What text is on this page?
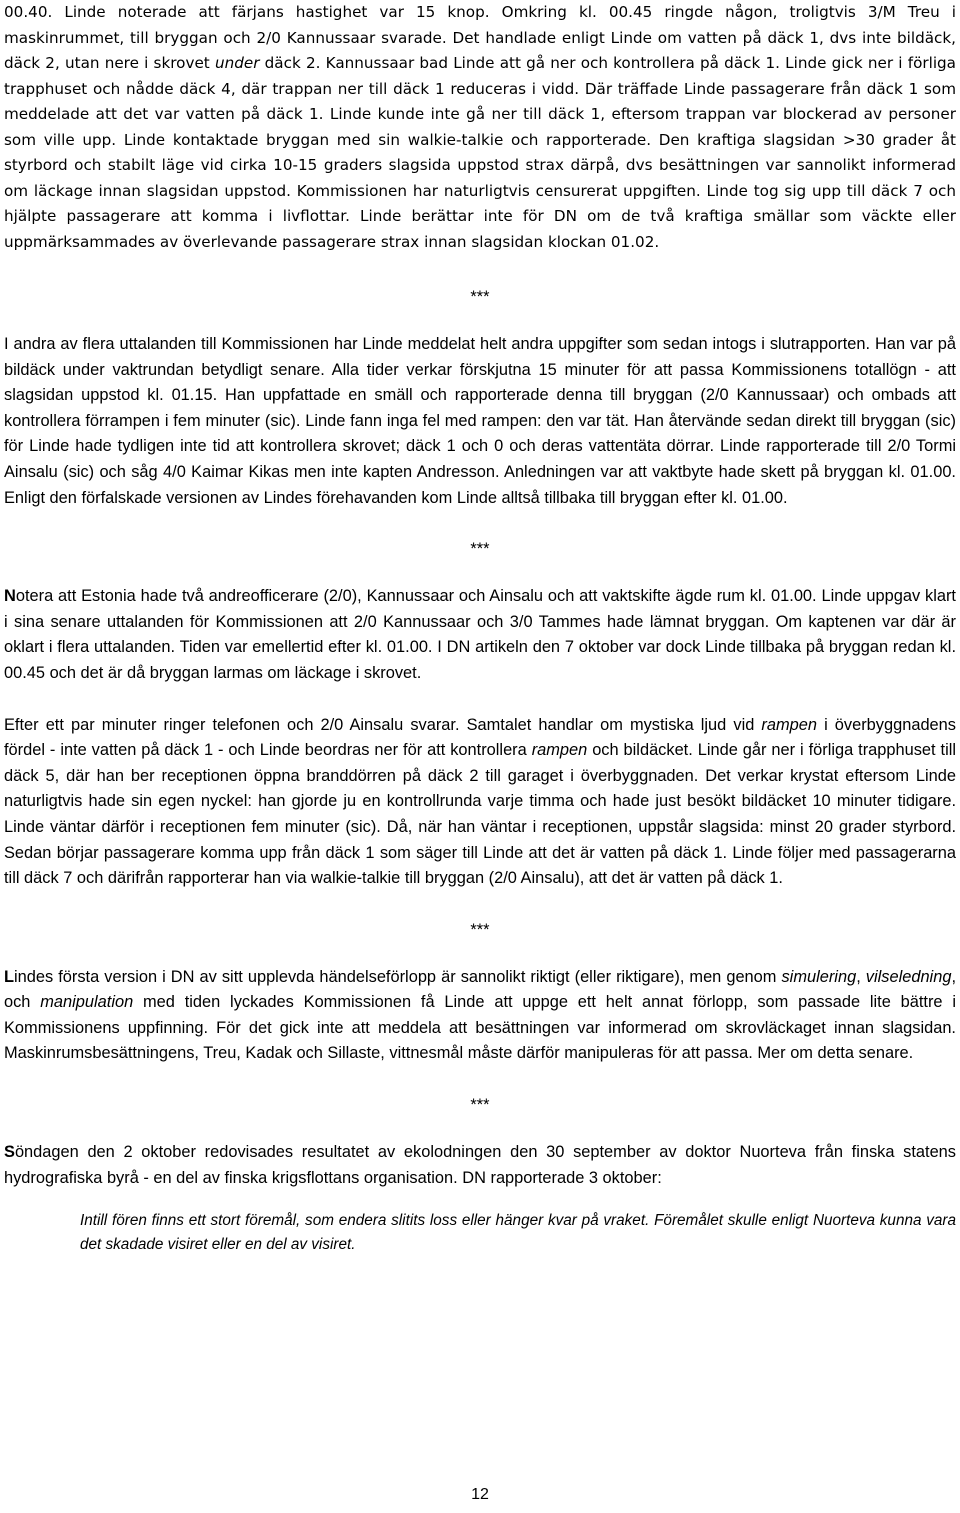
00.40. Linde noterade att färjans hastighet var 15 knop. Omkring kl. 00.45 ringde någon, troligtvis 3/M Treu i maskinrummet, till bryggan och 2/0 Kannussaar svarade. Det handlade enligt Linde om vatten på däck 1, dvs inte bildäck, däck 2, utan nere i skrovet under däck 2. Kannussaar bad Linde att gå ner och kontrollera på däck 1. Linde gick ner i förliga trapphuset och nådde däck 4, där trappan ner till däck 1 reduceras i vidd. Där träffade Linde passagerare från däck 1 som meddelade att det var vatten på däck 1. Linde kunde inte gå ner till däck 1, eftersom trappan var blockerad av personer som ville upp. Linde kontaktade bryggan med sin walkie-talkie och rapporterade. Den kraftiga slagsidan >30 grader åt styrbord och stabilt läge vid cirka 10-15 graders slagsida uppstod strax därpå, dvs besättningen var sannolikt informerad om läckage innan slagsidan uppstod. Kommissionen har naturligtvis censurerat uppgiften. Linde tog sig upp till däck 7 och hjälpte passagerare att komma i livflottar. Linde berättar inte för DN om de två kraftiga smällar som väckte eller uppmärksammades av överlevande passagerare strax innan slagsidan klockan 01.02.

***

I andra av flera uttalanden till Kommissionen har Linde meddelat helt andra uppgifter som sedan intogs i slutrapporten. Han var på bildäck under vaktrundan betydligt senare. Alla tider verkar förskjutna 15 minuter för att passa Kommissionens totallögn - att slagsidan uppstod kl. 01.15. Han uppfattade en smäll och rapporterade denna till bryggan (2/0 Kannussaar) och ombads att kontrollera förrampen i fem minuter (sic). Linde fann inga fel med rampen: den var tät. Han återvände sedan direkt till bryggan (sic) för Linde hade tydligen inte tid att kontrollera skrovet; däck 1 och 0 och deras vattentäta dörrar. Linde rapporterade till 2/0 Tormi Ainsalu (sic) och såg 4/0 Kaimar Kikas men inte kapten Andresson. Anledningen var att vaktbyte hade skett på bryggan kl. 01.00. Enligt den förfalskade versionen av Lindes förehavanden kom Linde alltså tillbaka till bryggan efter kl. 01.00.

***

Notera att Estonia hade två andreofficerare (2/0), Kannussaar och Ainsalu och att vaktskifte ägde rum kl. 01.00. Linde uppgav klart i sina senare uttalanden för Kommissionen att 2/0 Kannussaar och 3/0 Tammes hade lämnat bryggan. Om kaptenen var där är oklart i flera uttalanden. Tiden var emellertid efter kl. 01.00. I DN artikeln den 7 oktober var dock Linde tillbaka på bryggan redan kl. 00.45 och det är då bryggan larmas om läckage i skrovet.

Efter ett par minuter ringer telefonen och 2/0 Ainsalu svarar. Samtalet handlar om mystiska ljud vid rampen i överbyggnadens fördel - inte vatten på däck 1 - och Linde beordras ner för att kontrollera rampen och bildäcket. Linde går ner i förliga trapphuset till däck 5, där han ber receptionen öppna branddörren på däck 2 till garaget i överbyggnaden. Det verkar krystat eftersom Linde naturligtvis hade sin egen nyckel: han gjorde ju en kontrollrunda varje timma och hade just besökt bildäcket 10 minuter tidigare. Linde väntar därför i receptionen fem minuter (sic). Då, när han väntar i receptionen, uppstår slagsida: minst 20 grader styrbord. Sedan börjar passagerare komma upp från däck 1 som säger till Linde att det är vatten på däck 1. Linde följer med passagerarna till däck 7 och därifrån rapporterar han via walkie-talkie till bryggan (2/0 Ainsalu), att det är vatten på däck 1.

***

Lindes första version i DN av sitt upplevda händelseförlopp är sannolikt riktigt (eller riktigare), men genom simulering, vilseledning, och manipulation med tiden lyckades Kommissionen få Linde att uppge ett helt annat förlopp, som passade lite bättre i Kommissionens uppfinning. För det gick inte att meddela att besättningen var informerad om skrovläckaget innan slagsidan. Maskinrumsbesättningens, Treu, Kadak och Sillaste, vittnesmål måste därför manipuleras för att passa. Mer om detta senare.

***

Söndagen den 2 oktober redovisades resultatet av ekolodningen den 30 september av doktor Nuorteva från finska statens hydrografiska byrå - en del av finska krigsflottans organisation. DN rapporterade 3 oktober:

Intill fören finns ett stort föremål, som endera slitits loss eller hänger kvar på vraket. Föremålet skulle enligt Nuorteva kunna vara det skadade visiret eller en del av visiret.

12
